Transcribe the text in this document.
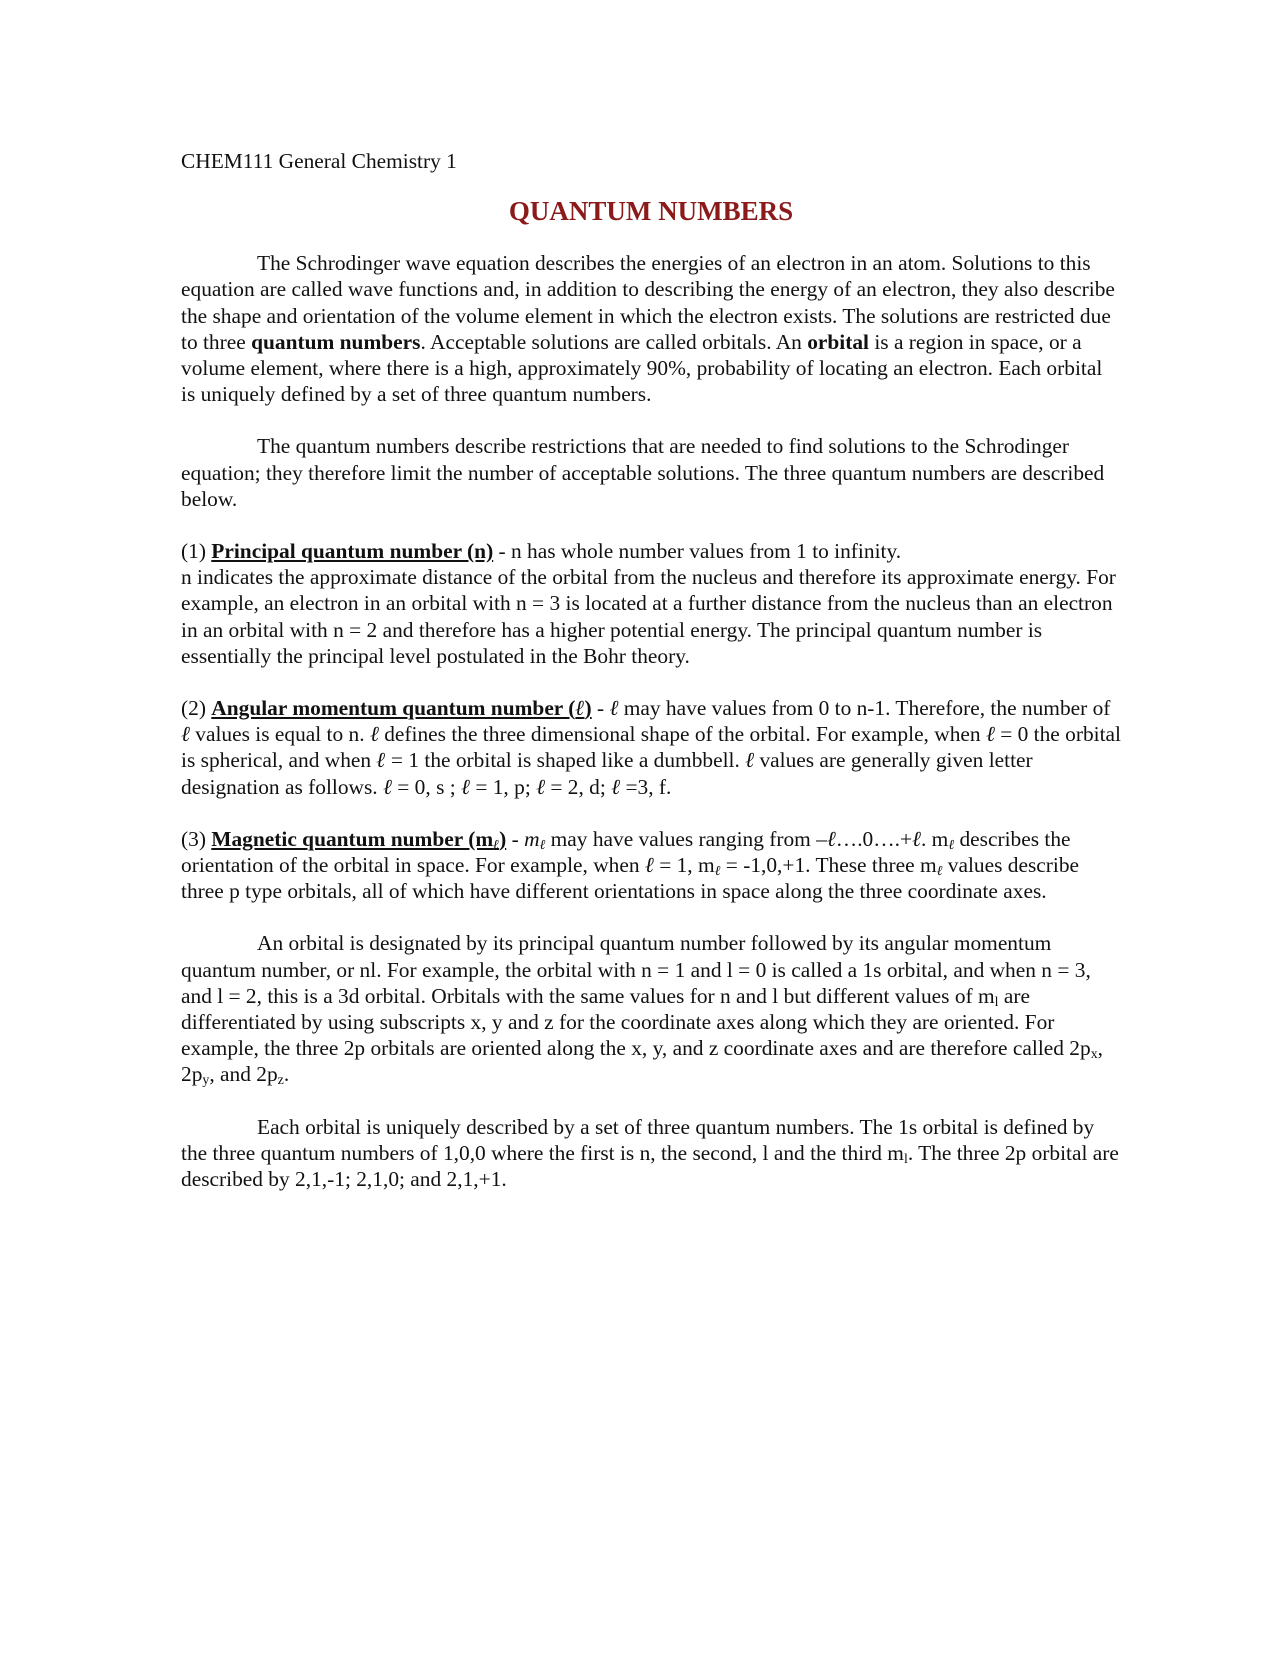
CHEM111 General Chemistry 1

QUANTUM NUMBERS

The Schrodinger wave equation describes the energies of an electron in an atom. Solutions to this equation are called wave functions and, in addition to describing the energy of an electron, they also describe the shape and orientation of the volume element in which the electron exists. The solutions are restricted due to three quantum numbers. Acceptable solutions are called orbitals. An orbital is a region in space, or a volume element, where there is a high, approximately 90%, probability of locating an electron. Each orbital is uniquely defined by a set of three quantum numbers.

The quantum numbers describe restrictions that are needed to find solutions to the Schrodinger equation; they therefore limit the number of acceptable solutions. The three quantum numbers are described below.

(1) Principal quantum number (n) - n has whole number values from 1 to infinity.
n indicates the approximate distance of the orbital from the nucleus and therefore its approximate energy. For example, an electron in an orbital with n = 3 is located at a further distance from the nucleus than an electron in an orbital with n = 2 and therefore has a higher potential energy. The principal quantum number is essentially the principal level postulated in the Bohr theory.

(2) Angular momentum quantum number (ℓ) - ℓ may have values from 0 to n-1. Therefore, the number of ℓ values is equal to n. ℓ defines the three dimensional shape of the orbital. For example, when ℓ = 0 the orbital is spherical, and when ℓ = 1 the orbital is shaped like a dumbbell. ℓ values are generally given letter designation as follows. ℓ = 0, s ; ℓ = 1, p; ℓ = 2, d; ℓ =3, f.

(3) Magnetic quantum number $(m_\ell) - m_\ell$ may have values ranging from –ℓ….0….+ℓ. $m_\ell$ describes the orientation of the orbital in space. For example, when ℓ = 1, $m_\ell = -1,0,+1$. These three $m_\ell$ values describe three p type orbitals, all of which have different orientations in space along the three coordinate axes.

An orbital is designated by its principal quantum number followed by its angular momentum quantum number, or nl. For example, the orbital with n = 1 and l = 0 is called a 1s orbital, and when n = 3, and l = 2, this is a 3d orbital. Orbitals with the same values for n and l but different values of $m_l$ are differentiated by using subscripts x, y and z for the coordinate axes along which they are oriented. For example, the three 2p orbitals are oriented along the x, y, and z coordinate axes and are therefore called $2p_x$, $2p_y$, and $2p_z$.

Each orbital is uniquely described by a set of three quantum numbers. The 1s orbital is defined by the three quantum numbers of 1,0,0 where the first is n, the second, l and the third $m_l$. The three 2p orbital are described by 2,1,-1; 2,1,0; and 2,1,+1.
